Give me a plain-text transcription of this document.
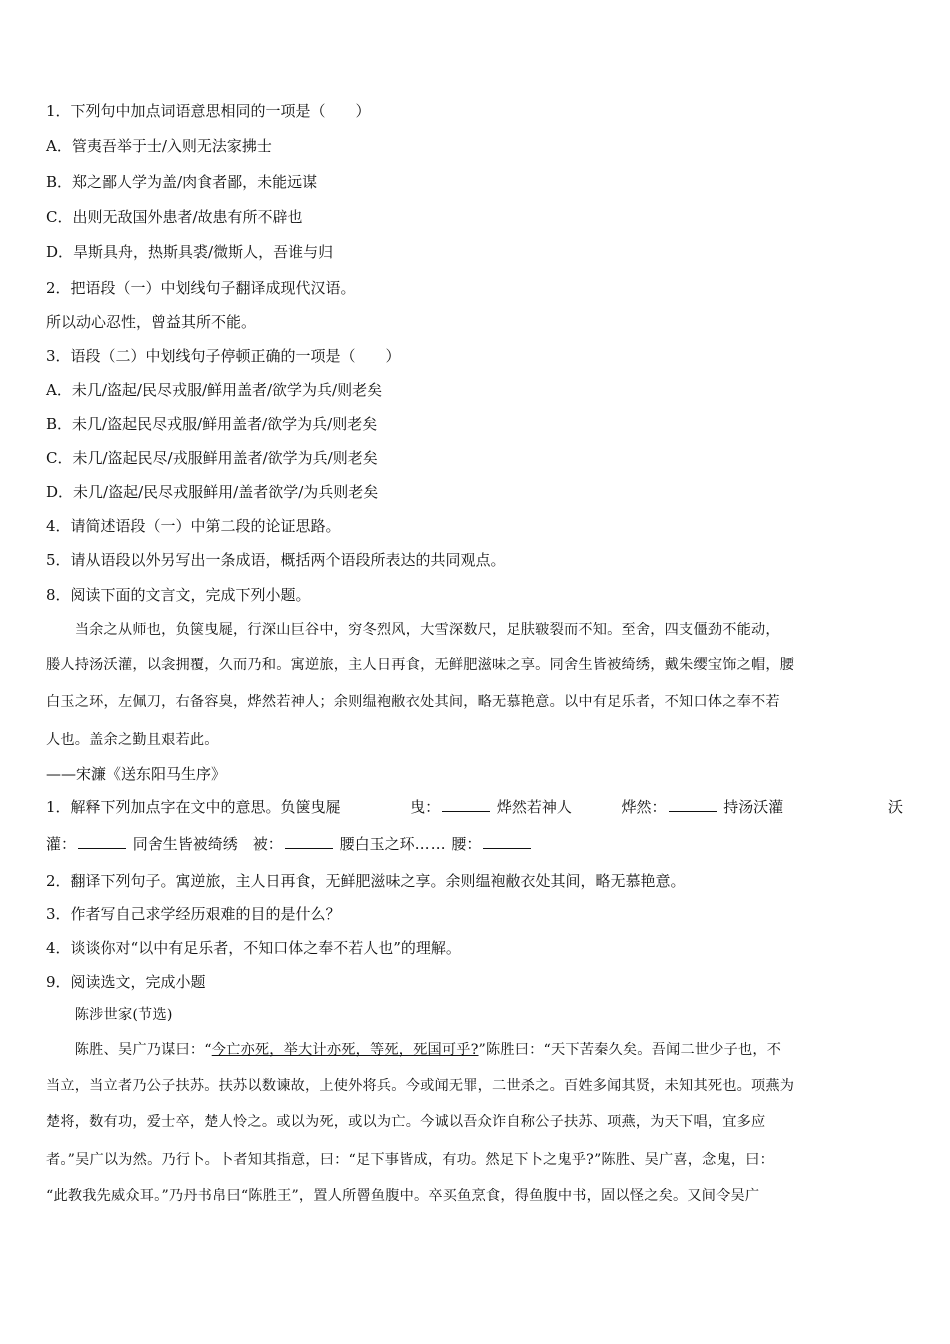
1．下列句中加点词语意思相同的一项是（　　）
A．管夷吾举于士/入则无法家拂士
B．郑之鄙人学为盖/肉食者鄙，未能远谋
C．出则无敌国外患者/故患有所不辟也
D．旱斯具舟，热斯具裘/微斯人，吾谁与归
2．把语段（一）中划线句子翻译成现代汉语。
所以动心忍性，曾益其所不能。
3．语段（二）中划线句子停顿正确的一项是（　　）
A．未几/盗起/民尽戎服/鲜用盖者/欲学为兵/则老矣
B．未几/盗起民尽戎服/鲜用盖者/欲学为兵/则老矣
C．未几/盗起民尽/戎服鲜用盖者/欲学为兵/则老矣
D．未几/盗起/民尽戎服鲜用/盖者欲学/为兵则老矣
4．请简述语段（一）中第二段的论证思路。
5．请从语段以外另写出一条成语，概括两个语段所表达的共同观点。
8．阅读下面的文言文，完成下列小题。
　　当余之从师也，负箧曳屣，行深山巨谷中，穷冬烈风，大雪深数尺，足肤皲裂而不知。至舍，四支僵劲不能动，
媵人持汤沃灌，以衾拥覆，久而乃和。寓逆旅，主人日再食，无鲜肥滋味之享。同舍生皆被绮绣，戴朱缨宝饰之帽，腰
白玉之环，左佩刀，右备容臭，烨然若神人；余则缊袍敝衣处其间，略无慕艳意。以中有足乐者，不知口体之奉不若
人也。盖余之勤且艰若此。
——宋濂《送东阳马生序》
1．解释下列加点字在文中的意思。负箧曳屣	曳：	烨然若神人	烨然：	持汤沃灌	沃
灌：	同舍生皆被绮绣　被：	腰白玉之环…… 腰：
2．翻译下列句子。寓逆旅，主人日再食，无鲜肥滋味之享。余则缊袍敝衣处其间，略无慕艳意。
3．作者写自己求学经历艰难的目的是什么？
4．谈谈你对“以中有足乐者，不知口体之奉不若人也”的理解。
9．阅读选文，完成小题
　　陈涉世家(节选)
　　陈胜、吴广乃谋曰：“今亡亦死，举大计亦死，等死，死国可乎?”陈胜曰：“天下苦秦久矣。吾闻二世少子也，不
当立，当立者乃公子扶苏。扶苏以数谏故，上使外将兵。今或闻无罪，二世杀之。百姓多闻其贤，未知其死也。项燕为
楚将，数有功，爱士卒，楚人怜之。或以为死，或以为亡。今诚以吾众诈自称公子扶苏、项燕，为天下唱，宜多应
者。”吴广以为然。乃行卜。卜者知其指意，曰：“足下事皆成，有功。然足下卜之鬼乎?”陈胜、吴广喜，念鬼，曰：
“此教我先威众耳。”乃丹书帛曰“陈胜王”，置人所罾鱼腹中。卒买鱼烹食，得鱼腹中书，固以怪之矣。又间令吴广
